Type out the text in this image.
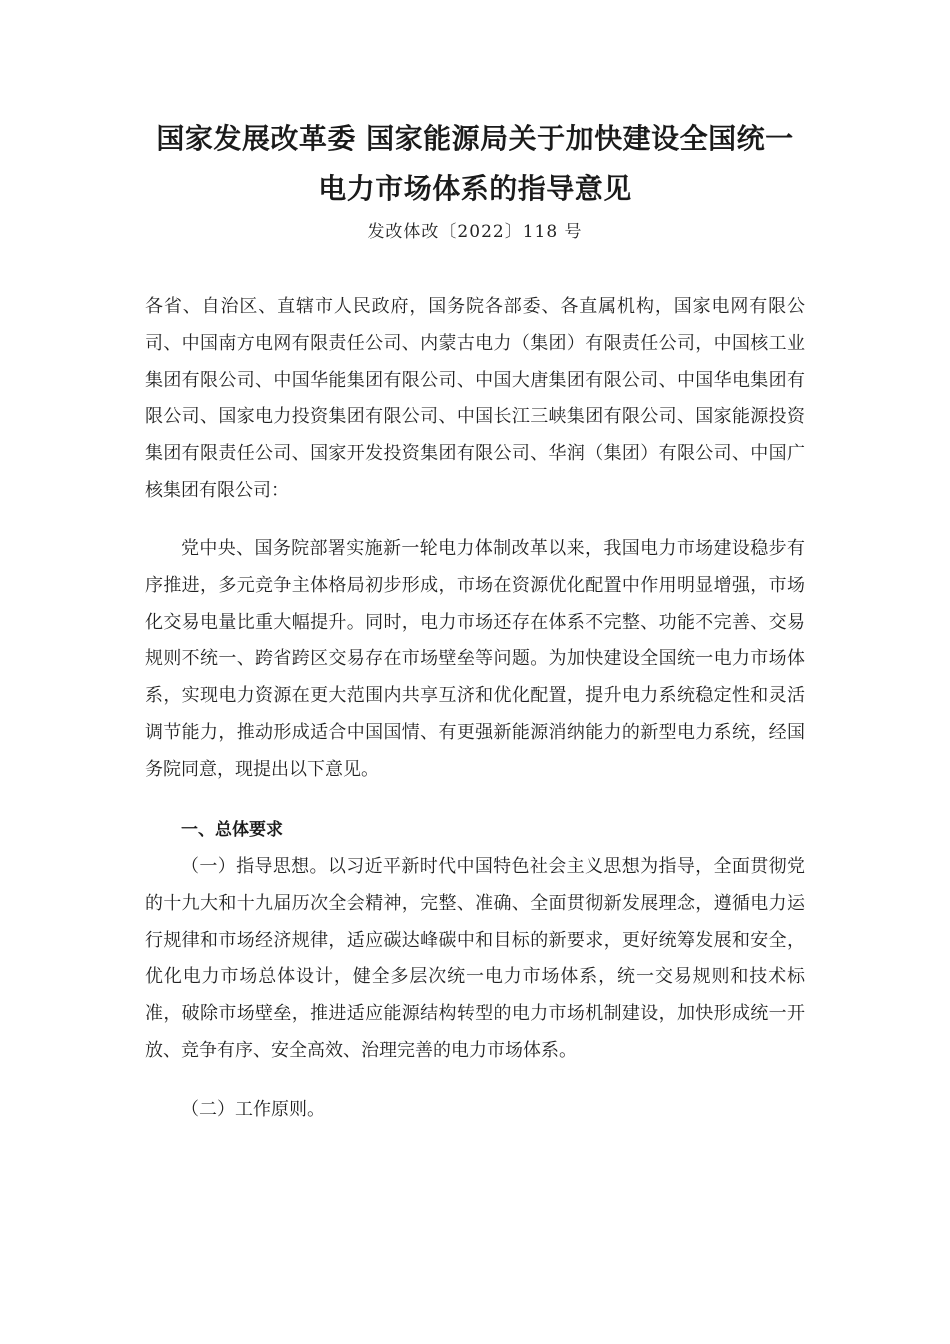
国家发展改革委 国家能源局关于加快建设全国统一
电力市场体系的指导意见
发改体改〔2022〕118 号

各省、自治区、直辖市人民政府，国务院各部委、各直属机构，国家电网有限公司、中国南方电网有限责任公司、内蒙古电力（集团）有限责任公司，中国核工业集团有限公司、中国华能集团有限公司、中国大唐集团有限公司、中国华电集团有限公司、国家电力投资集团有限公司、中国长江三峡集团有限公司、国家能源投资集团有限责任公司、国家开发投资集团有限公司、华润（集团）有限公司、中国广核集团有限公司：

党中央、国务院部署实施新一轮电力体制改革以来，我国电力市场建设稳步有序推进，多元竞争主体格局初步形成，市场在资源优化配置中作用明显增强，市场化交易电量比重大幅提升。同时，电力市场还存在体系不完整、功能不完善、交易规则不统一、跨省跨区交易存在市场壁垒等问题。为加快建设全国统一电力市场体系，实现电力资源在更大范围内共享互济和优化配置，提升电力系统稳定性和灵活调节能力，推动形成适合中国国情、有更强新能源消纳能力的新型电力系统，经国务院同意，现提出以下意见。

一、总体要求

（一）指导思想。以习近平新时代中国特色社会主义思想为指导，全面贯彻党的十九大和十九届历次全会精神，完整、准确、全面贯彻新发展理念，遵循电力运行规律和市场经济规律，适应碳达峰碳中和目标的新要求，更好统筹发展和安全，优化电力市场总体设计，健全多层次统一电力市场体系，统一交易规则和技术标准，破除市场壁垒，推进适应能源结构转型的电力市场机制建设，加快形成统一开放、竞争有序、安全高效、治理完善的电力市场体系。

（二）工作原则。
